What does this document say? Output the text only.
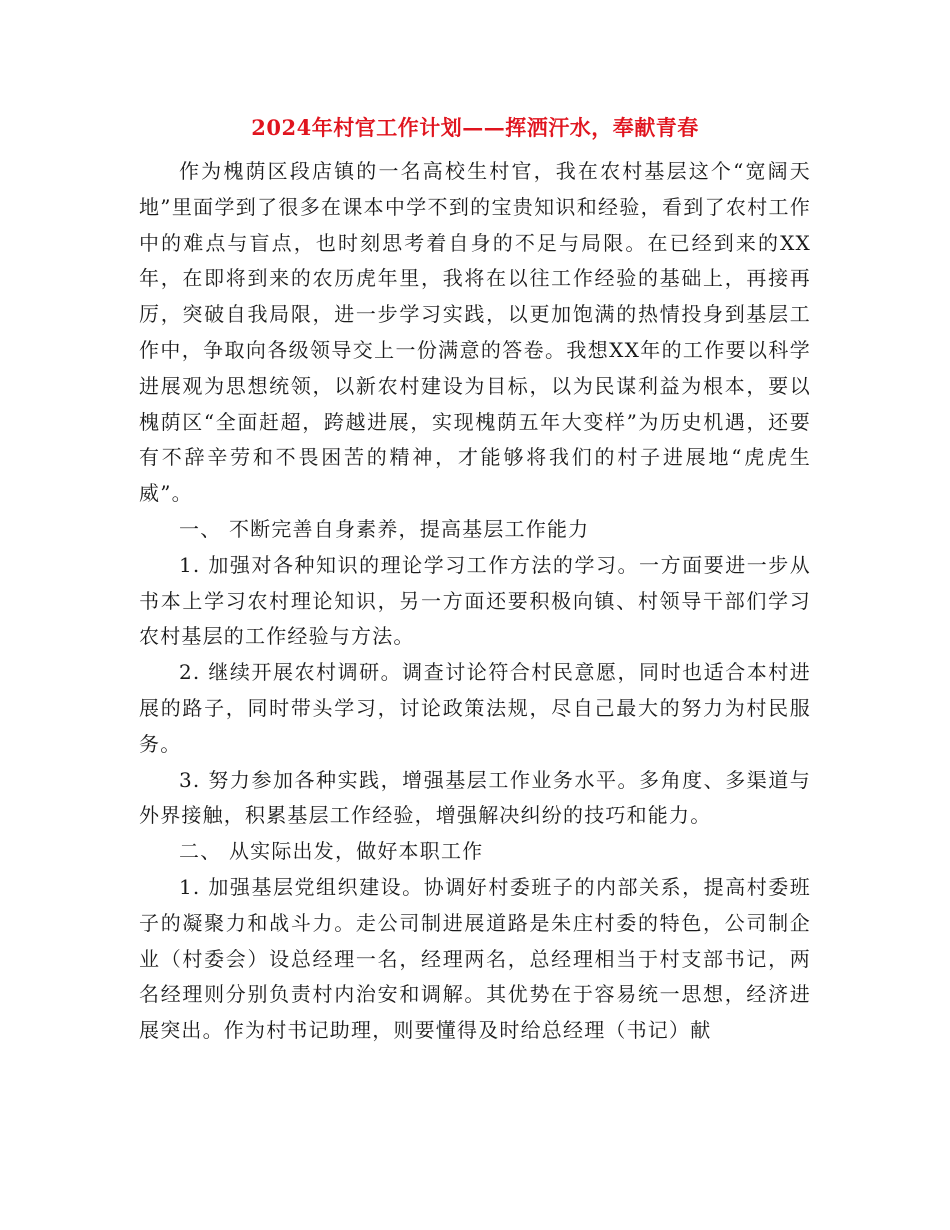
2024年村官工作计划——挥洒汗水，奉献青春

作为槐荫区段店镇的一名高校生村官，我在农村基层这个“宽阔天地”里面学到了很多在课本中学不到的宝贵知识和经验，看到了农村工作中的难点与盲点，也时刻思考着自身的不足与局限。在已经到来的XX年，在即将到来的农历虎年里，我将在以往工作经验的基础上，再接再厉，突破自我局限，进一步学习实践，以更加饱满的热情投身到基层工作中，争取向各级领导交上一份满意的答卷。我想XX年的工作要以科学进展观为思想统领，以新农村建设为目标，以为民谋利益为根本，要以槐荫区“全面赶超，跨越进展，实现槐荫五年大变样”为历史机遇，还要有不辞辛劳和不畏困苦的精神，才能够将我们的村子进展地“虎虎生威”。

一、 不断完善自身素养，提高基层工作能力

1. 加强对各种知识的理论学习工作方法的学习。一方面要进一步从书本上学习农村理论知识，另一方面还要积极向镇、村领导干部们学习农村基层的工作经验与方法。

2. 继续开展农村调研。调查讨论符合村民意愿，同时也适合本村进展的路子，同时带头学习，讨论政策法规，尽自己最大的努力为村民服务。

3. 努力参加各种实践，增强基层工作业务水平。多角度、多渠道与外界接触，积累基层工作经验，增强解决纠纷的技巧和能力。

二、 从实际出发，做好本职工作

1. 加强基层党组织建设。协调好村委班子的内部关系，提高村委班子的凝聚力和战斗力。走公司制进展道路是朱庄村委的特色，公司制企业（村委会）设总经理一名，经理两名，总经理相当于村支部书记，两名经理则分别负责村内治安和调解。其优势在于容易统一思想，经济进展突出。作为村书记助理，则要懂得及时给总经理（书记）献
